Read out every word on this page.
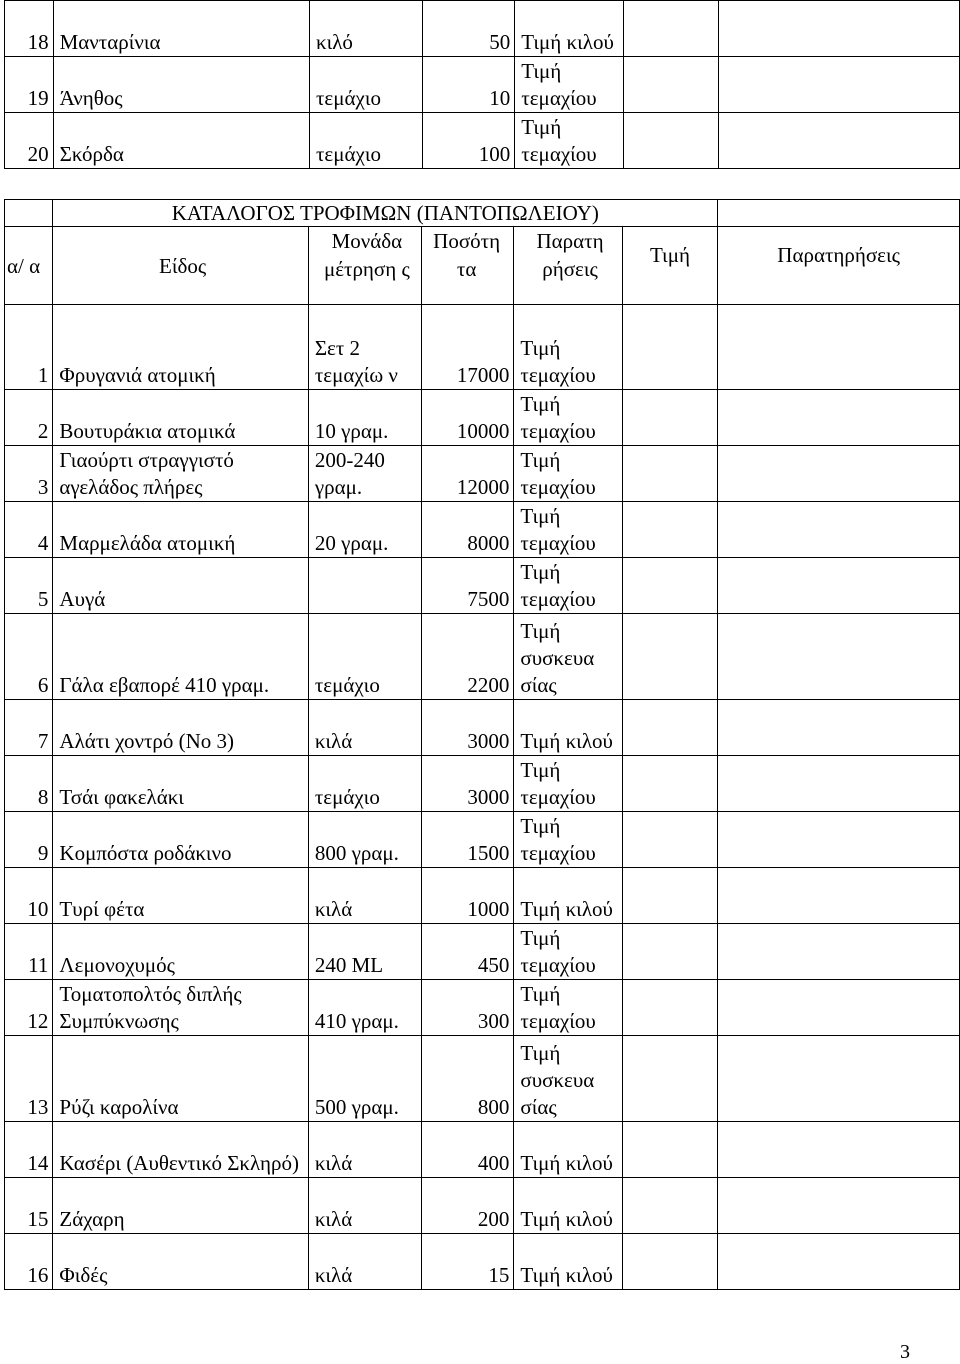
18	Μανταρίνια	κιλό	50	Τιμή κιλού		
19	Άνηθος	τεμάχιο	10	Τιμή τεμαχίου		
20	Σκόρδα	τεμάχιο	100	Τιμή τεμαχίου		
	ΚΑΤΑΛΟΓΟΣ ΤΡΟΦΙΜΩΝ (ΠΑΝΤΟΠΩΛΕΙΟΥ)					
α/ α	Είδος	Μονάδα μέτρηση ς	Ποσότη τα	Παρατη ρήσεις	Τιμή	Παρατηρήσεις
1	Φρυγανιά ατομική	Σετ 2 τεμαχίω ν	17000	Τιμή τεμαχίου		
2	Βουτυράκια ατομικά	10 γραμ.	10000	Τιμή τεμαχίου		
3	Γιαούρτι στραγγιστό αγελάδος πλήρες	200-240 γραμ.	12000	Τιμή τεμαχίου		
4	Μαρμελάδα ατομική	20 γραμ.	8000	Τιμή τεμαχίου		
5	Αυγά		7500	Τιμή τεμαχίου		
6	Γάλα εβαπορέ 410 γραμ.	τεμάχιο	2200	Τιμή συσκευα σίας		
7	Αλάτι χοντρό (Νο 3)	κιλά	3000	Τιμή κιλού		
8	Τσάι φακελάκι	τεμάχιο	3000	Τιμή τεμαχίου		
9	Κομπόστα ροδάκινο	800 γραμ.	1500	Τιμή τεμαχίου		
10	Τυρί φέτα	κιλά	1000	Τιμή κιλού		
11	Λεμονοχυμός	240 ML	450	Τιμή τεμαχίου		
12	Τοματοπολτός διπλής Συμπύκνωσης	410 γραμ.	300	Τιμή τεμαχίου		
13	Ρύζι καρολίνα	500 γραμ.	800	Τιμή συσκευα σίας		
14	Κασέρι (Αυθεντικό Σκληρό)	κιλά	400	Τιμή κιλού		
15	Ζάχαρη	κιλά	200	Τιμή κιλού		
16	Φιδές	κιλά	15	Τιμή κιλού		
3
